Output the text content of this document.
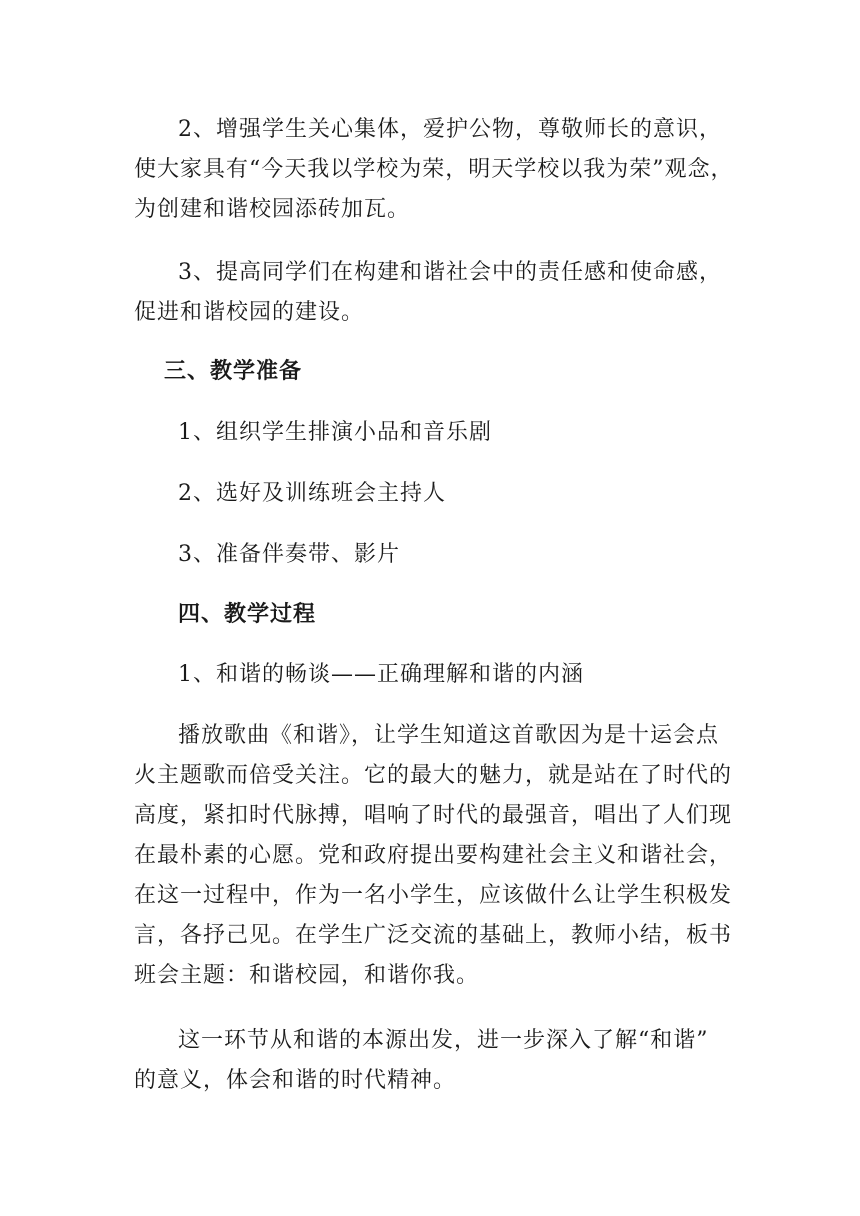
2、增强学生关心集体，爱护公物，尊敬师长的意识，
使大家具有“今天我以学校为荣，明天学校以我为荣”观念，
为创建和谐校园添砖加瓦。
3、提高同学们在构建和谐社会中的责任感和使命感，
促进和谐校园的建设。
三、教学准备
1、组织学生排演小品和音乐剧
2、选好及训练班会主持人
3、准备伴奏带、影片
四、教学过程
1、和谐的畅谈——正确理解和谐的内涵
播放歌曲《和谐》，让学生知道这首歌因为是十运会点
火主题歌而倍受关注。它的最大的魅力，就是站在了时代的
高度，紧扣时代脉搏，唱响了时代的最强音，唱出了人们现
在最朴素的心愿。党和政府提出要构建社会主义和谐社会，
在这一过程中，作为一名小学生，应该做什么让学生积极发
言，各抒己见。在学生广泛交流的基础上，教师小结，板书
班会主题：和谐校园，和谐你我。
这一环节从和谐的本源出发，进一步深入了解“和谐”
的意义，体会和谐的时代精神。
